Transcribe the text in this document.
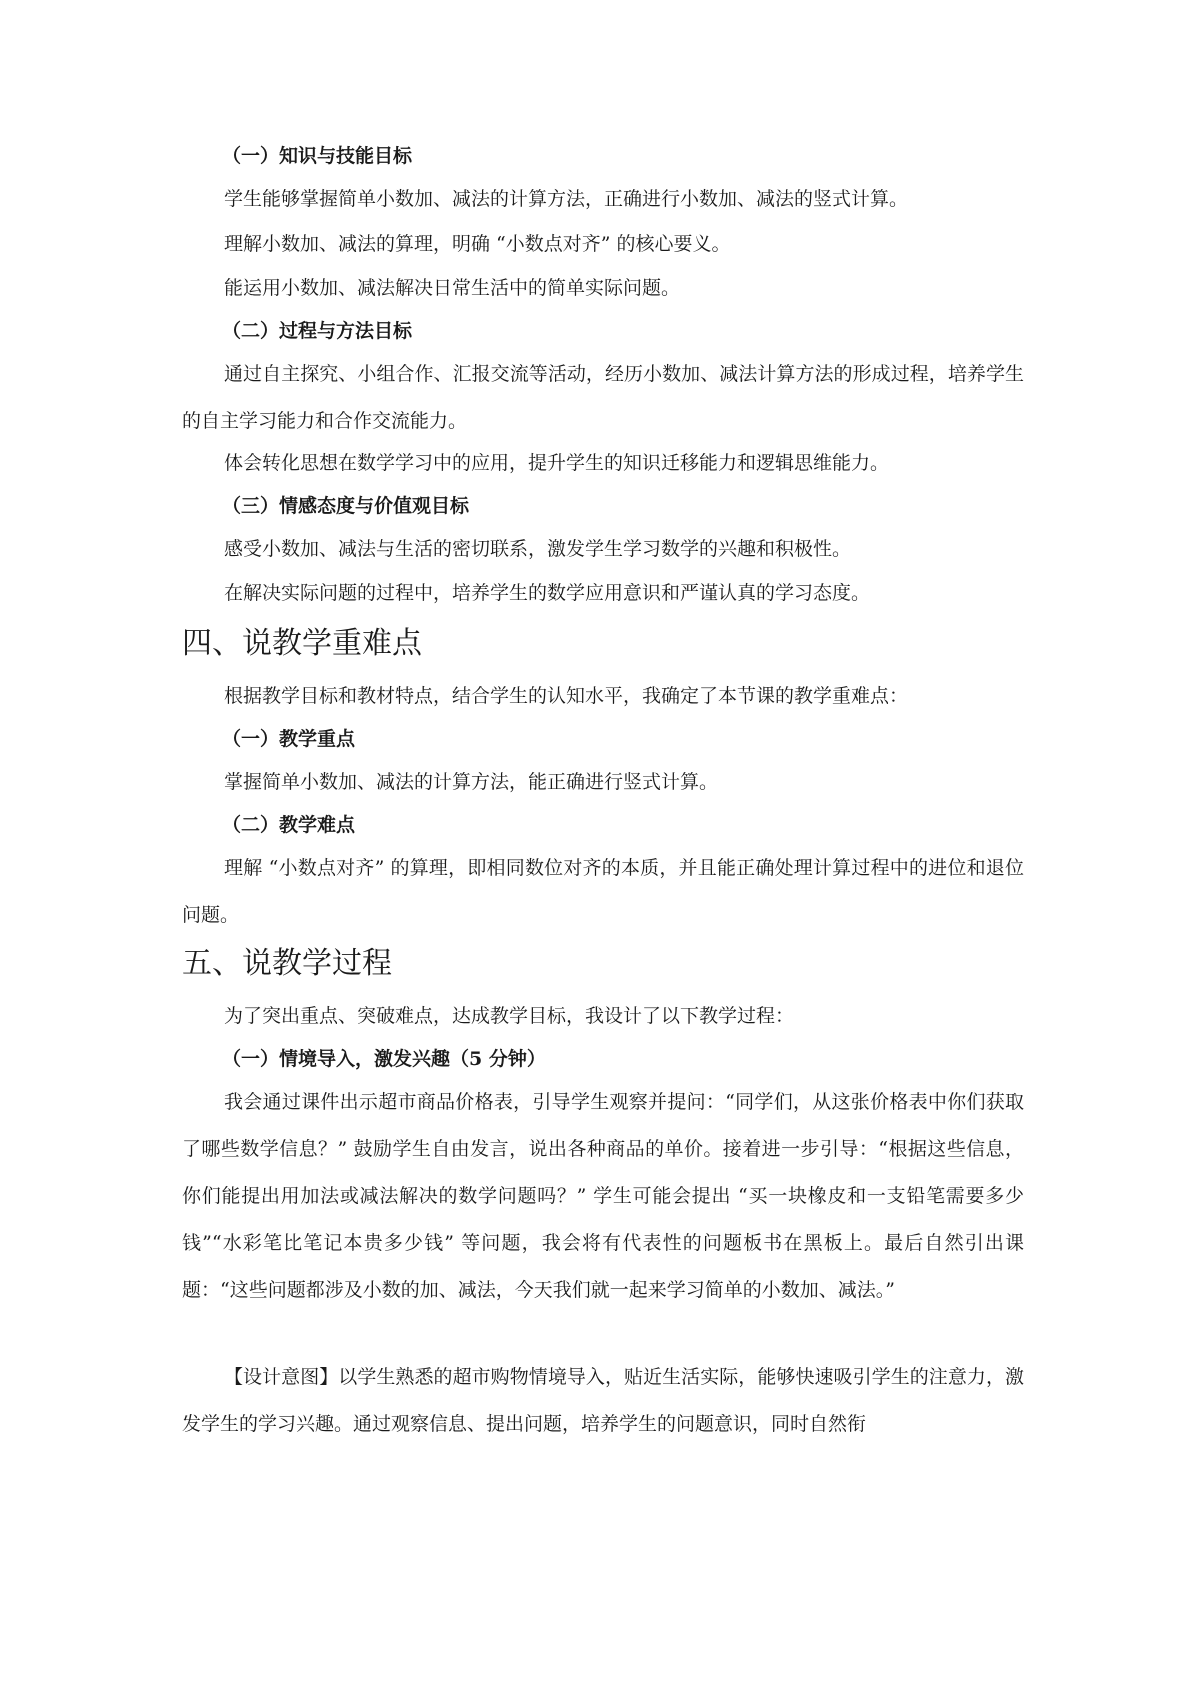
（一）知识与技能目标

学生能够掌握简单小数加、减法的计算方法，正确进行小数加、减法的竖式计算。

理解小数加、减法的算理，明确 “小数点对齐” 的核心要义。

能运用小数加、减法解决日常生活中的简单实际问题。

（二）过程与方法目标

通过自主探究、小组合作、汇报交流等活动，经历小数加、减法计算方法的形成过程，培养学生的自主学习能力和合作交流能力。

体会转化思想在数学学习中的应用，提升学生的知识迁移能力和逻辑思维能力。

（三）情感态度与价值观目标

感受小数加、减法与生活的密切联系，激发学生学习数学的兴趣和积极性。

在解决实际问题的过程中，培养学生的数学应用意识和严谨认真的学习态度。

四、说教学重难点

根据教学目标和教材特点，结合学生的认知水平，我确定了本节课的教学重难点：

（一）教学重点

掌握简单小数加、减法的计算方法，能正确进行竖式计算。

（二）教学难点

理解 “小数点对齐” 的算理，即相同数位对齐的本质，并且能正确处理计算过程中的进位和退位问题。

五、说教学过程

为了突出重点、突破难点，达成教学目标，我设计了以下教学过程：

（一）情境导入，激发兴趣（5 分钟）

我会通过课件出示超市商品价格表，引导学生观察并提问：“同学们，从这张价格表中你们获取了哪些数学信息？” 鼓励学生自由发言，说出各种商品的单价。接着进一步引导：“根据这些信息，你们能提出用加法或减法解决的数学问题吗？” 学生可能会提出 “买一块橡皮和一支铅笔需要多少钱”“水彩笔比笔记本贵多少钱” 等问题，我会将有代表性的问题板书在黑板上。最后自然引出课题：“这些问题都涉及小数的加、减法，今天我们就一起来学习简单的小数加、减法。”

【设计意图】以学生熟悉的超市购物情境导入，贴近生活实际，能够快速吸引学生的注意力，激发学生的学习兴趣。通过观察信息、提出问题，培养学生的问题意识，同时自然衔
